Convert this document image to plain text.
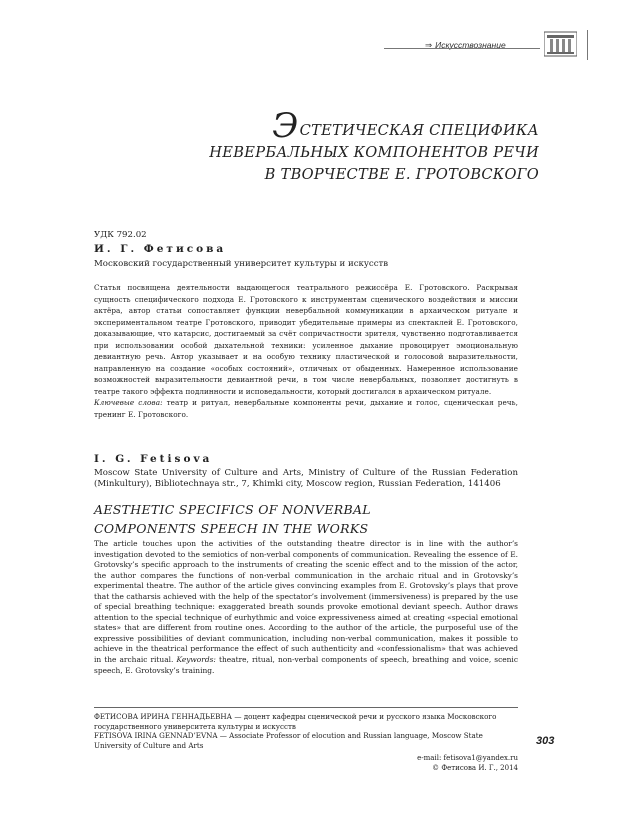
⇒ Искусствознание
ЭСТЕТИЧЕСКАЯ СПЕЦИФИКА
НЕВЕРБАЛЬНЫХ КОМПОНЕНТОВ РЕЧИ
В ТВОРЧЕСТВЕ Е. ГРОТОВСКОГО
УДК 792.02
И. Г. Фетисова
Московский государственный университет культуры и искусств
Статья посвящена деятельности выдающегося театрального режиссёра Е. Гротовского. Раскрывая сущность специфического подхода Е. Гротовского к инструментам сценического воздействия и миссии актёра, автор статьи сопоставляет функции невербальной коммуникации в архаическом ритуале и экспериментальном театре Гротовского, приводит убедительные примеры из спектаклей Е. Гротовского, доказывающие, что катарсис, достигаемый за счёт сопричастности зрителя, чувственно подготавливается при использовании особой дыхательной техники: усиленное дыхание провоцирует эмоциональную девиантную речь. Автор указывает и на особую технику пластической и голосовой выразительности, направленную на создание «особых состояний», отличных от обыденных. Намеренное использование возможностей выразительности девиантной речи, в том числе невербальных, позволяет достигнуть в театре такого эффекта подлинности и исповедальности, который достигался в архаическом ритуале.
Ключевые слова: театр и ритуал, невербальные компоненты речи, дыхание и голос, сценическая речь, тренинг Е. Гротовского.
I. G. Fetisova
Moscow State University of Culture and Arts, Ministry of Culture of the Russian Federation (Minkultury), Bibliotechnaya str., 7, Khimki city, Moscow region, Russian Federation, 141406
AESTHETIC SPECIFICS OF NONVERBAL
COMPONENTS SPEECH IN THE WORKS
The article touches upon the activities of the outstanding theatre director is in line with the author’s investigation devoted to the semiotics of non-verbal components of communication. Revealing the essence of E. Grotovsky’s specific approach to the instruments of creating the scenic effect and to the mission of the actor, the author compares the functions of non-verbal communication in the archaic ritual and in Grotovsky’s experimental theatre. The author of the article gives convincing examples from E. Grotovsky’s plays that prove that the catharsis achieved with the help of the spectator’s involvement (immersiveness) is prepared by the use of special breathing technique: exaggerated breath sounds provoke emotional deviant speech. Author draws attention to the special technique of eurhythmic and voice expressiveness aimed at creating «special emotional states» that are different from routine ones. According to the author of the article, the purposeful use of the expressive possibilities of deviant communication, including non-verbal communication, makes it possible to achieve in the theatrical performance the effect of such authenticity and «confessionalism» that was achieved in the archaic ritual. Keywords: theatre, ritual, non-verbal components of speech, breathing and voice, scenic speech, E. Grotovsky’s training.
ФЕТИСОВА ИРИНА ГЕННАДЬЕВНА — доцент кафедры сценической речи и русского языка Московского государственного университета культуры и искусств
FETISOVA IRINA GENNAD’EVNA — Associate Professor of elocution and Russian language, Moscow State University of Culture and Arts	303
e-mail: fetisova1@yandex.ru
© Фетисова И. Г., 2014
